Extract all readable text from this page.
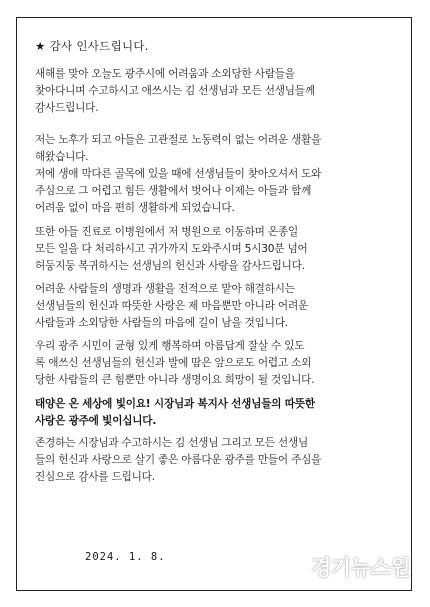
★ 감사 인사드립니다.
새해를 맞아 오늘도 광주시에 어려움과 소외당한 사람들을
찾아다니며 수고하시고 애쓰시는 김 선생님과 모든 선생님들께
감사드립니다.
저는 노후가 되고 아들은 고관절로 노동력이 없는 어려운 생활을
해왔습니다.
저에 생애 막다른 골목에 있을 때에 선생님들이 찾아오셔서 도와
주심으로 그 어렵고 힘든 생활에서 벗어나 이제는 아들과 함께
어려움 없이 마음 편히 생활하게 되었습니다.
또한 아들 진료로 이병원에서 저 병원으로 이동하며 온종일
모든 일을 다 처리하시고 귀가까지 도와주시며 5시30분 넘어
허둥지둥 복귀하시는 선생님의 헌신과 사랑을 감사드립니다.
어려운 사람들의 생명과 생활을 전적으로 맡아 해결하시는
선생님들의 헌신과 따뜻한 사랑은 제 마음뿐만 아니라 어려운
사람들과 소외당한 사람들의 마음에 길이 남을 것입니다.
우리 광주 시민이 균형 있게 행복하며 아름답게 잘살 수 있도
록 애쓰신 선생님들의 헌신과 발에 땀은 앞으로도 어렵고 소외
당한 사람들의 큰 힘뿐만 아니라 생명이요 희망이 될 것입니다.
태양은 온 세상에 빛이요! 시장님과 복지사 선생님들의 따뜻한
사랑은 광주에 빛이십니다.
존경하는 시장님과 수고하시는 김 선생님 그리고 모든 선생님
들의 헌신과 사랑으로 살기 좋은 아름다운 광주를 만들어 주심을
진심으로 감사를 드립니다.
2024. 1. 8.	경기뉴스원
